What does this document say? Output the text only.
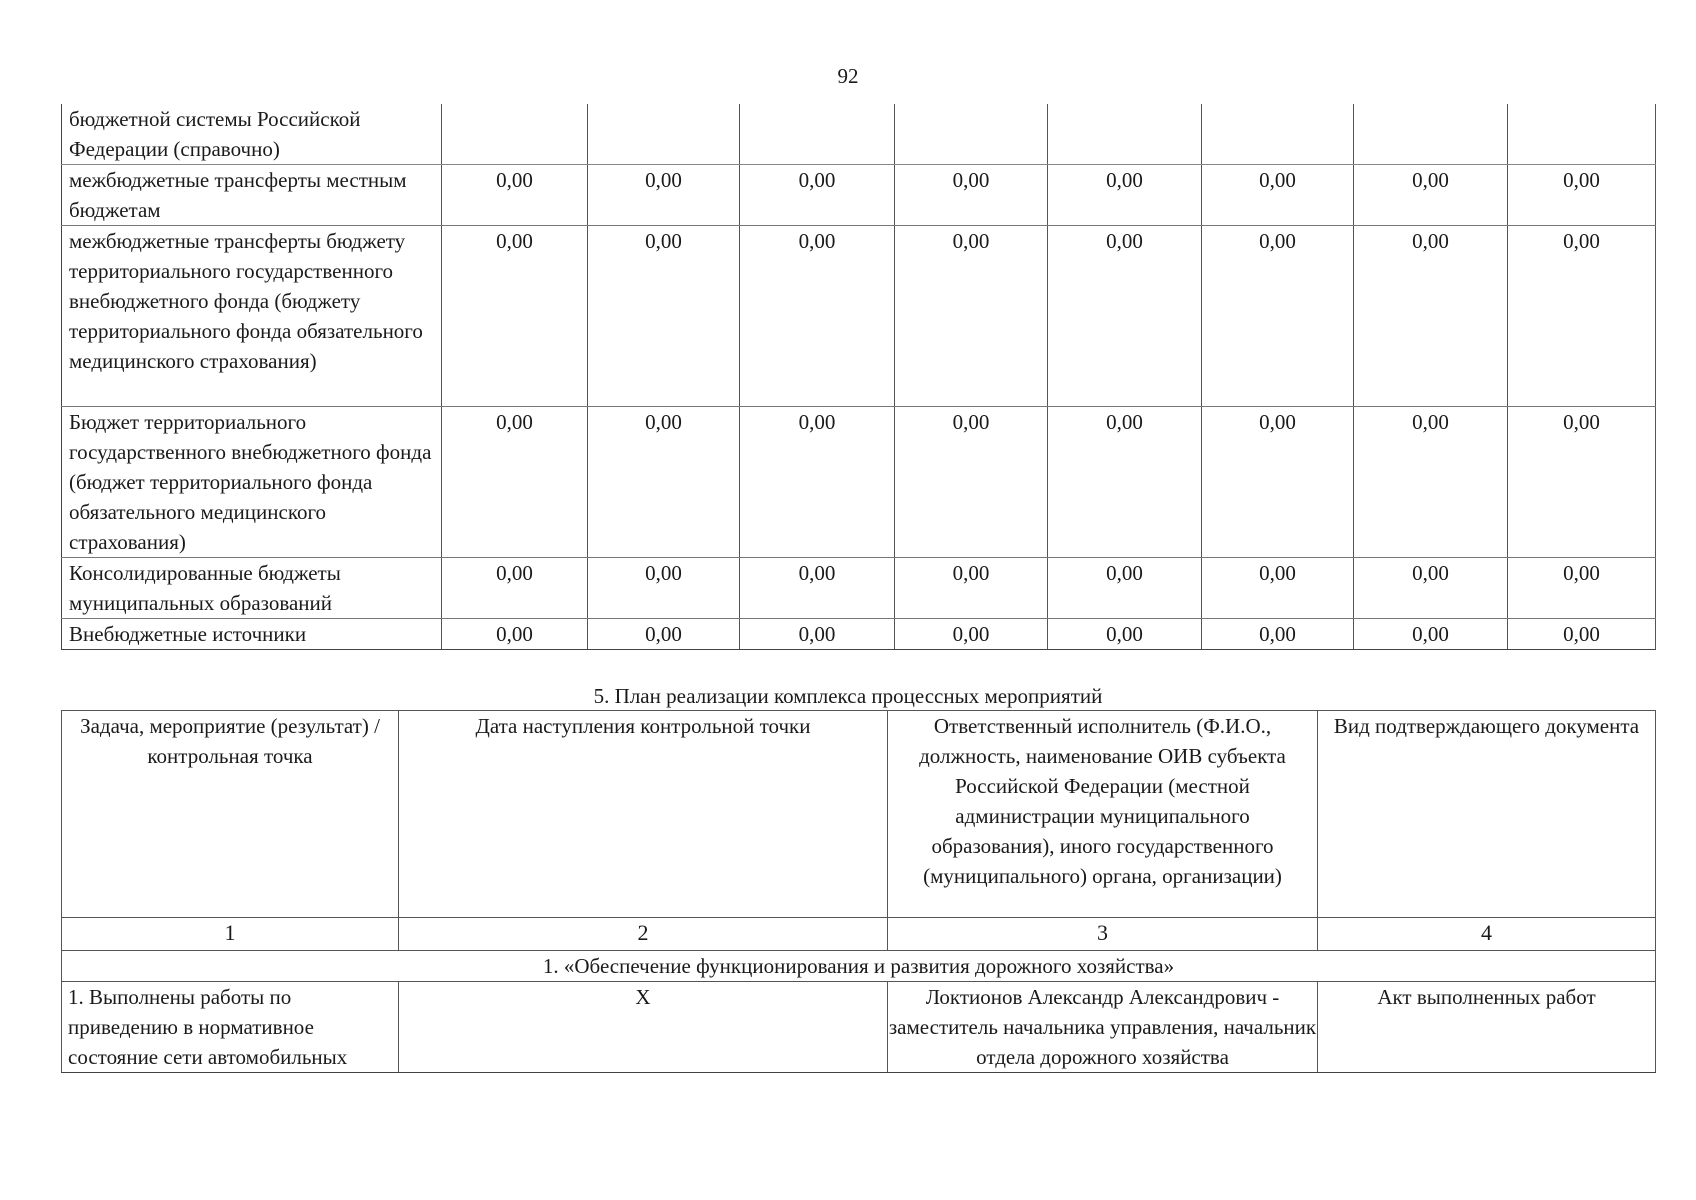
92
бюджетной системы Российской Федерации (справочно)								
межбюджетные трансферты местным бюджетам	0,00	0,00	0,00	0,00	0,00	0,00	0,00	0,00
межбюджетные трансферты бюджету территориального государственного внебюджетного фонда (бюджету территориального фонда обязательного медицинского страхования)	0,00	0,00	0,00	0,00	0,00	0,00	0,00	0,00
Бюджет территориального государственного внебюджетного фонда (бюджет территориального фонда обязательного медицинского страхования)	0,00	0,00	0,00	0,00	0,00	0,00	0,00	0,00
Консолидированные бюджеты муниципальных образований	0,00	0,00	0,00	0,00	0,00	0,00	0,00	0,00
Внебюджетные источники	0,00	0,00	0,00	0,00	0,00	0,00	0,00	0,00
5. План реализации комплекса процессных мероприятий
Задача, мероприятие (результат) / контрольная точка	Дата наступления контрольной точки	Ответственный исполнитель (Ф.И.О., должность, наименование ОИВ субъекта Российской Федерации (местной администрации муниципального образования), иного государственного (муниципального) органа, организации)	Вид подтверждающего документа
1	2	3	4
1. «Обеспечение функционирования и развития дорожного хозяйства»			
1. Выполнены работы по приведению в нормативное состояние сети автомобильных	Х	Локтионов Александр Александрович - заместитель начальника управления, начальник отдела дорожного хозяйства	Акт выполненных работ
